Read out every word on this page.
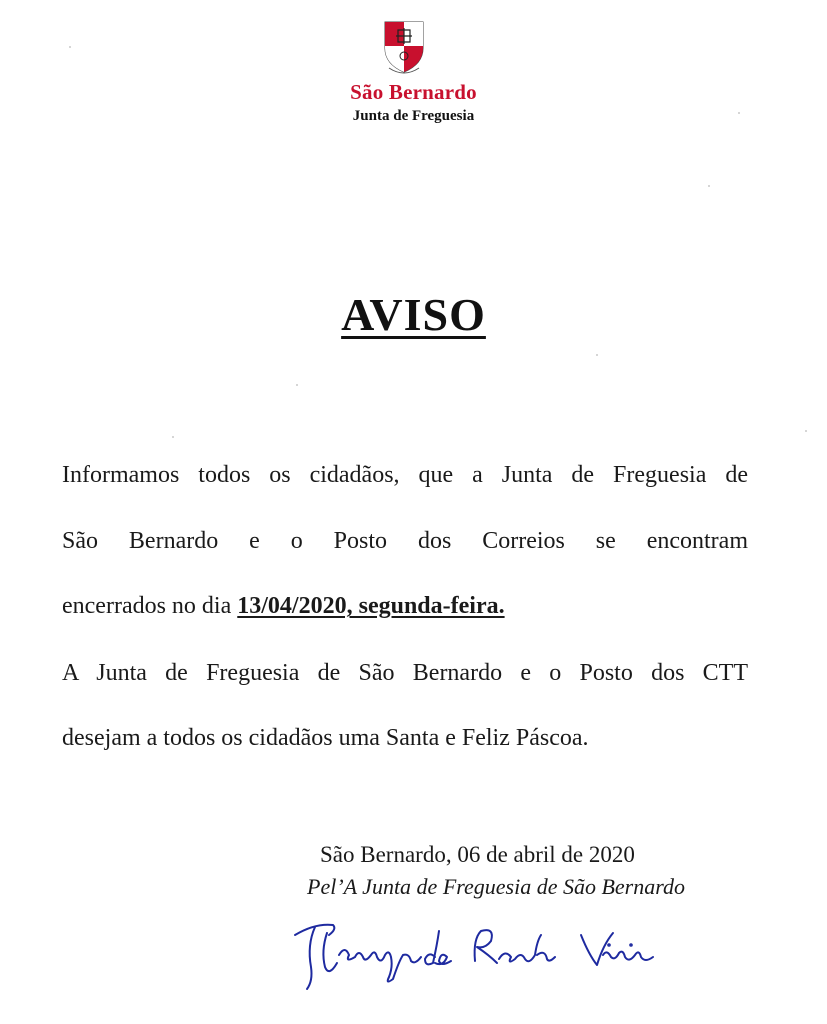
São Bernardo
Junta de Freguesia
AVISO
Informamos todos os cidadãos, que a Junta de Freguesia de
São Bernardo e o Posto dos Correios se encontram
encerrados no dia 13/04/2020, segunda-feira.
A Junta de Freguesia de São Bernardo e o Posto dos CTT
desejam a todos os cidadãos uma Santa e Feliz Páscoa.
São Bernardo, 06 de abril de 2020
Pel’A Junta de Freguesia de São Bernardo
